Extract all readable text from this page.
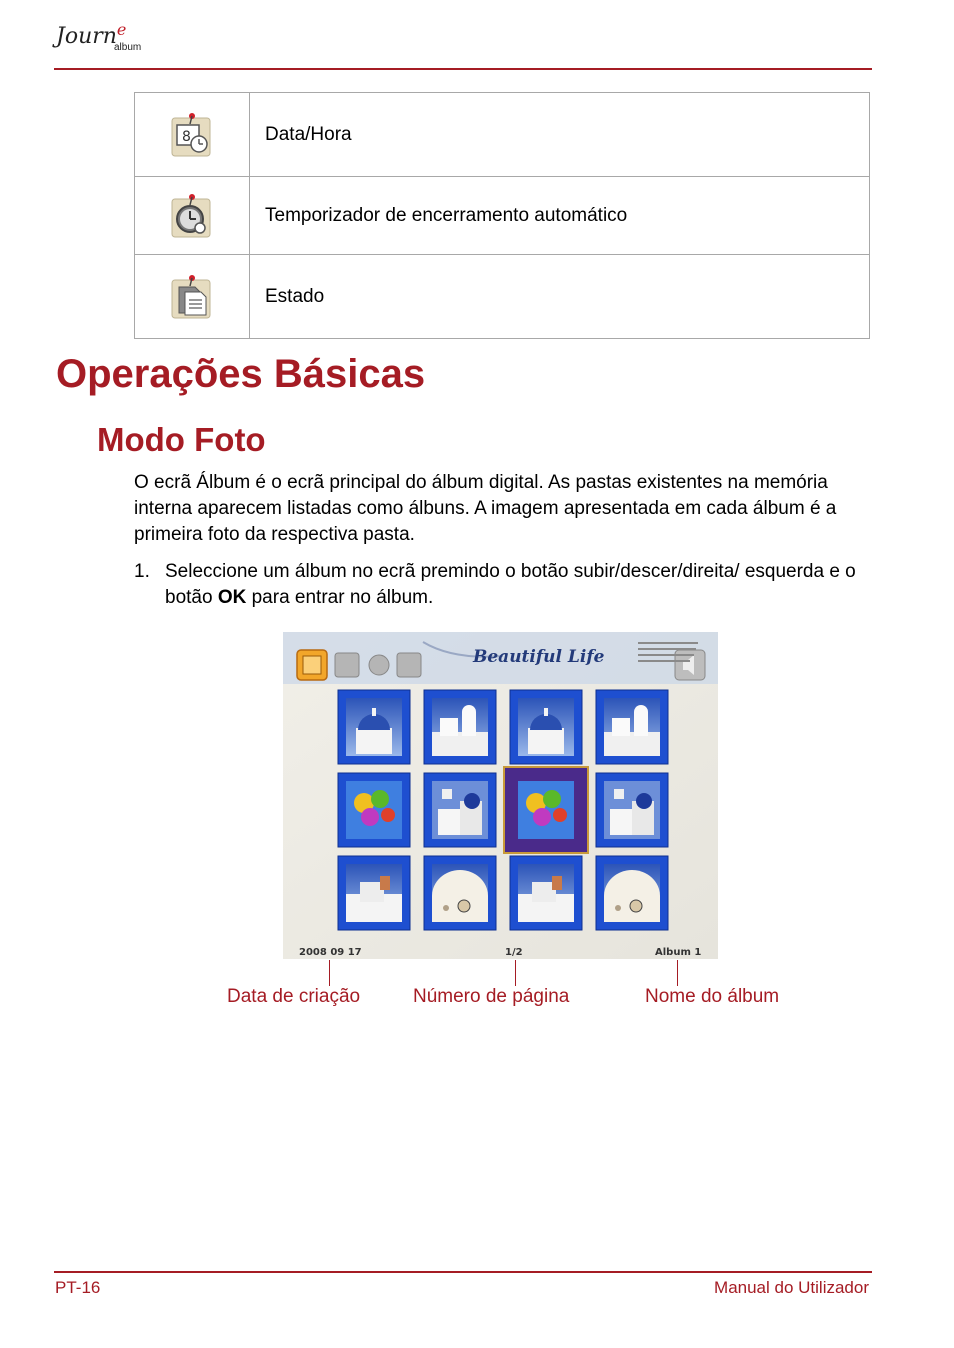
Journ$^e$
album
8	Data/Hora
	Temporizador de encerramento automático
	Estado
Operações Básicas
Modo Foto

O ecrã Álbum é o ecrã principal do álbum digital. As pastas existentes na memória interna aparecem listadas como álbuns. A imagem apresentada em cada álbum é a primeira foto da respectiva pasta.

1. Seleccione um álbum no ecrã premindo o botão subir/descer/direita/ esquerda e o botão OK para entrar no álbum.
Beautiful Life
2008 09 17	1/2	Album 1
Data de criação	Número de página	Nome do álbum
PT-16	Manual do Utilizador
